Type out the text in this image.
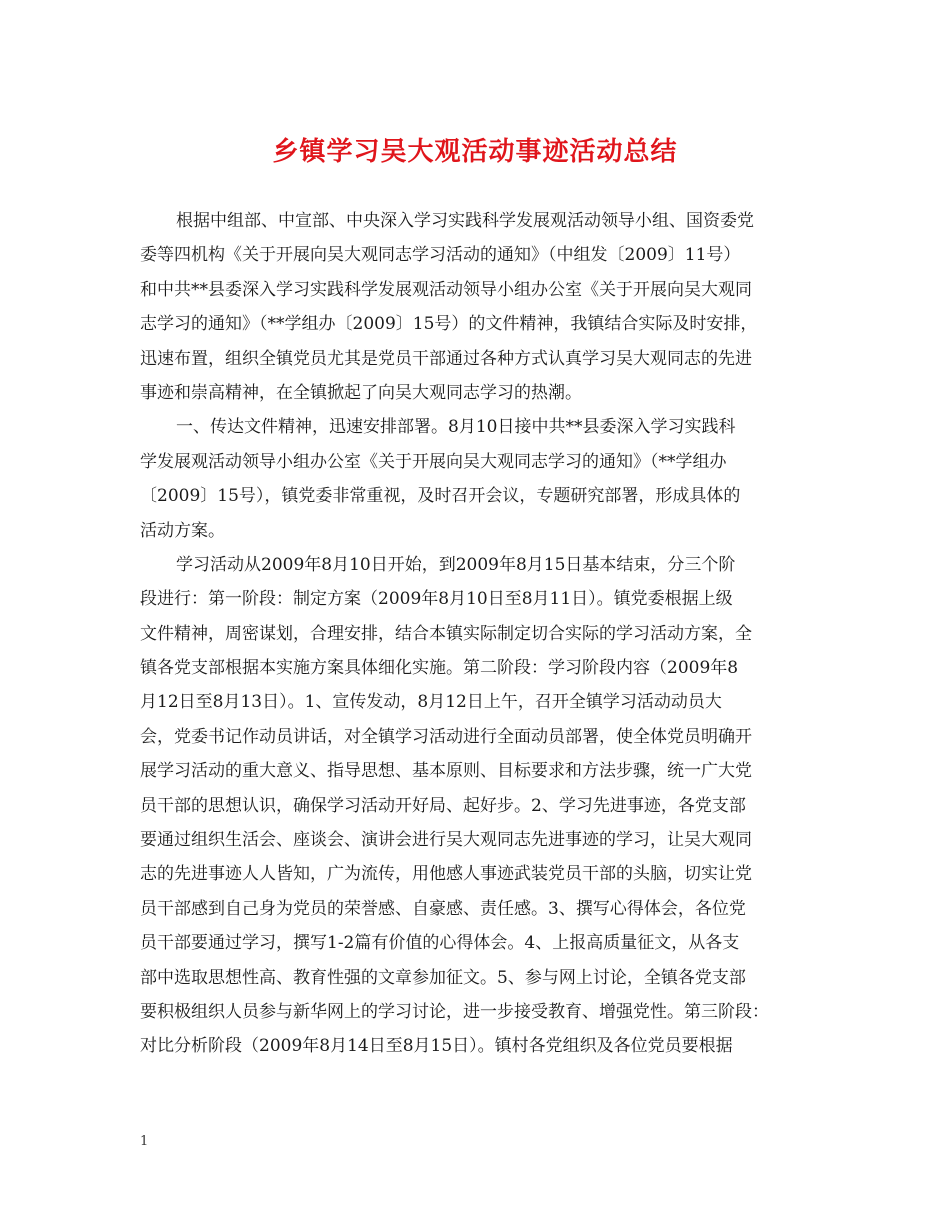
乡镇学习吴大观活动事迹活动总结
根据中组部、中宣部、中央深入学习实践科学发展观活动领导小组、国资委党
委等四机构《关于开展向吴大观同志学习活动的通知》（中组发〔2009〕11号）
和中共**县委深入学习实践科学发展观活动领导小组办公室《关于开展向吴大观同
志学习的通知》（**学组办〔2009〕15号）的文件精神，我镇结合实际及时安排，
迅速布置，组织全镇党员尤其是党员干部通过各种方式认真学习吴大观同志的先进
事迹和崇高精神，在全镇掀起了向吴大观同志学习的热潮。
一、传达文件精神，迅速安排部署。8月10日接中共**县委深入学习实践科
学发展观活动领导小组办公室《关于开展向吴大观同志学习的通知》（**学组办
〔2009〕15号），镇党委非常重视，及时召开会议，专题研究部署，形成具体的
活动方案。
学习活动从2009年8月10日开始，到2009年8月15日基本结束，分三个阶
段进行：第一阶段：制定方案（2009年8月10日至8月11日）。镇党委根据上级
文件精神，周密谋划，合理安排，结合本镇实际制定切合实际的学习活动方案，全
镇各党支部根据本实施方案具体细化实施。第二阶段：学习阶段内容（2009年8
月12日至8月13日）。1、宣传发动，8月12日上午，召开全镇学习活动动员大
会，党委书记作动员讲话，对全镇学习活动进行全面动员部署，使全体党员明确开
展学习活动的重大意义、指导思想、基本原则、目标要求和方法步骤，统一广大党
员干部的思想认识，确保学习活动开好局、起好步。2、学习先进事迹，各党支部
要通过组织生活会、座谈会、演讲会进行吴大观同志先进事迹的学习，让吴大观同
志的先进事迹人人皆知，广为流传，用他感人事迹武装党员干部的头脑，切实让党
员干部感到自己身为党员的荣誉感、自豪感、责任感。3、撰写心得体会，各位党
员干部要通过学习，撰写1-2篇有价值的心得体会。4、上报高质量征文，从各支
部中选取思想性高、教育性强的文章参加征文。5、参与网上讨论，全镇各党支部
要积极组织人员参与新华网上的学习讨论，进一步接受教育、增强党性。第三阶段：
对比分析阶段（2009年8月14日至8月15日）。镇村各党组织及各位党员要根据
1
